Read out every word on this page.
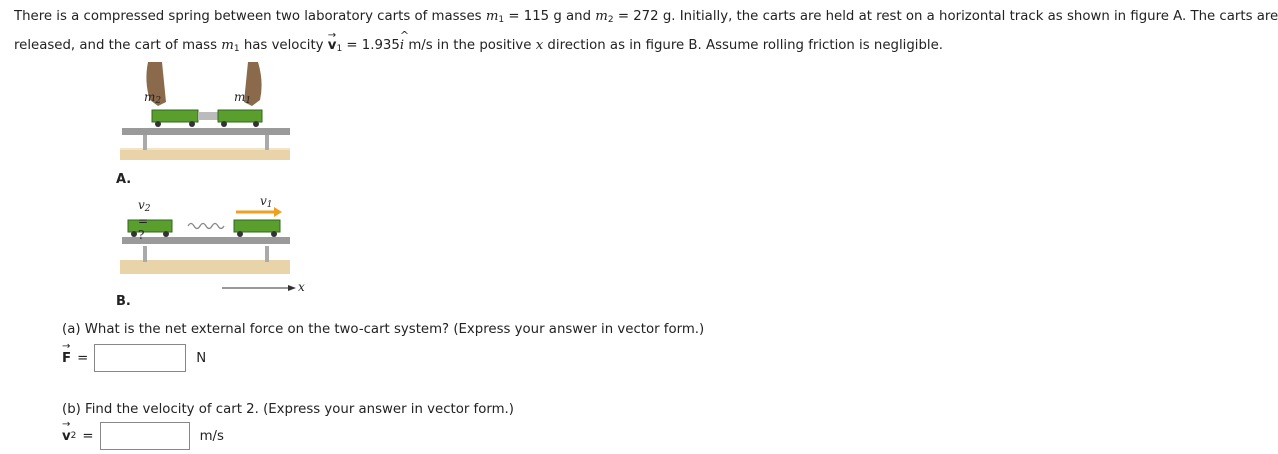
There is a compressed spring between two laboratory carts of masses $m_1 = 115$ g and $m_2 = 272$ g. Initially, the carts are held at rest on a horizontal track as shown in figure A. The carts are
released, and the cart of mass $m_1$ has velocity
→
$v_1 = 1.935$
^
i m/s in the positive x direction as in figure B. Assume rolling friction is negligible.
$m_2$	$m_1$
A.
$v_2$ = ?
$v_1$
x
B.
(a) What is the net external force on the two-cart system? (Express your answer in vector form.)
→
F =	N
(b) Find the velocity of cart 2. (Express your answer in vector form.)
→
v 2 =	m/s
